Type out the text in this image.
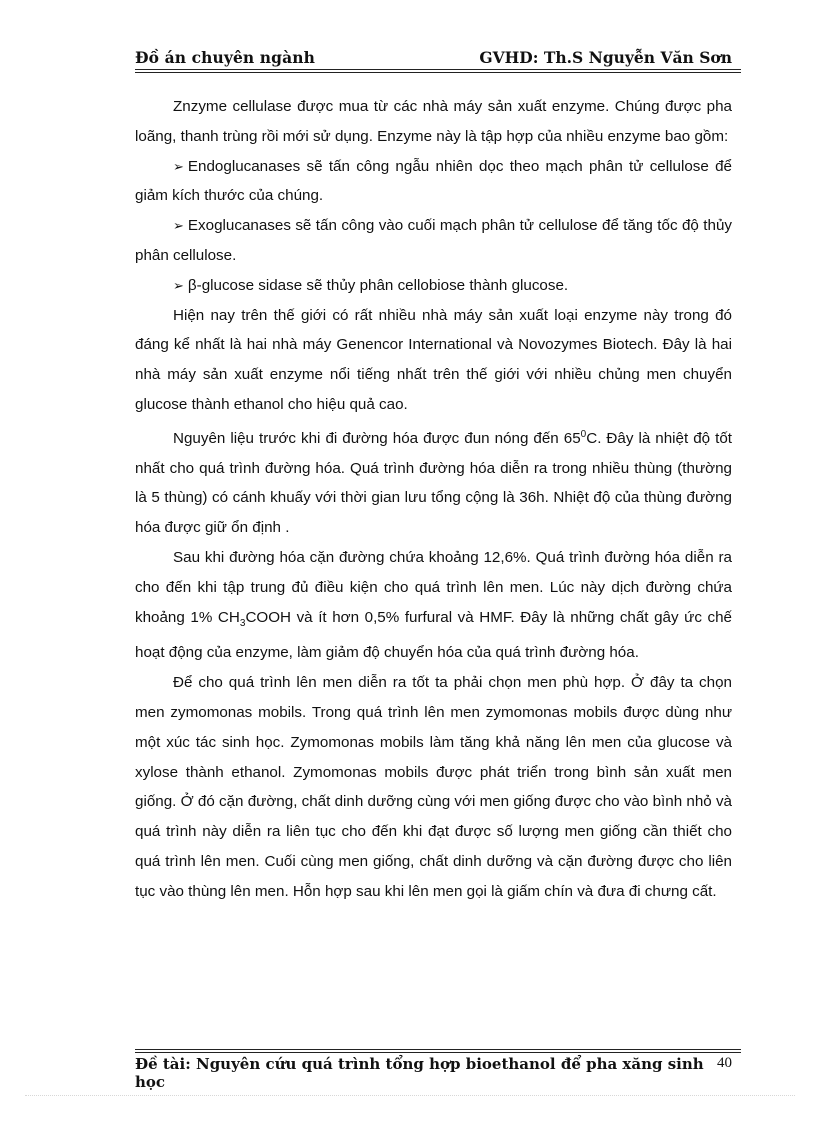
Đồ án chuyên ngành	GVHD: Th.S Nguyễn Văn Sơn

Znzyme cellulase được mua từ các nhà máy sản xuất enzyme. Chúng được pha loãng, thanh trùng rồi mới sử dụng. Enzyme này là tập hợp của nhiều enzyme bao gồm:

➢ Endoglucanases sẽ tấn công ngẫu nhiên dọc theo mạch phân tử cellulose để giảm kích thước của chúng.

➢ Exoglucanases sẽ tấn công vào cuối mạch phân tử cellulose để tăng tốc độ thủy phân cellulose.

➢ β-glucose sidase sẽ thủy phân cellobiose thành glucose.

Hiện nay trên thế giới có rất nhiều nhà máy sản xuất loại enzyme này trong đó đáng kể nhất là hai nhà máy Genencor International và Novozymes Biotech. Đây là hai nhà máy sản xuất enzyme nổi tiếng nhất trên thế giới với nhiều chủng men chuyển glucose thành ethanol cho hiệu quả cao.

Nguyên liệu trước khi đi đường hóa được đun nóng đến $65^0C$. Đây là nhiệt độ tốt nhất cho quá trình đường hóa. Quá trình đường hóa diễn ra trong nhiều thùng (thường là 5 thùng) có cánh khuấy với thời gian lưu tổng cộng là 36h. Nhiệt độ của thùng đường hóa được giữ ổn định .

Sau khi đường hóa cặn đường chứa khoảng 12,6%. Quá trình đường hóa diễn ra cho đến khi tập trung đủ điều kiện cho quá trình lên men. Lúc này dịch đường chứa khoảng 1% $CH_3COOH$ và ít hơn 0,5% furfural và HMF. Đây là những chất gây ức chế hoạt động của enzyme, làm giảm độ chuyển hóa của quá trình đường hóa.

Để cho quá trình lên men diễn ra tốt ta phải chọn men phù hợp. Ở đây ta chọn men zymomonas mobils. Trong quá trình lên men zymomonas mobils được dùng như một xúc tác sinh học. Zymomonas mobils làm tăng khả năng lên men của glucose và xylose thành ethanol. Zymomonas mobils được phát triển trong bình sản xuất men giống. Ở đó cặn đường, chất dinh dưỡng cùng với men giống được cho vào bình nhỏ và quá trình này diễn ra liên tục cho đến khi đạt được số lượng men giống cần thiết cho quá trình lên men. Cuối cùng men giống, chất dinh dưỡng và cặn đường được cho liên tục vào thùng lên men. Hỗn hợp sau khi lên men gọi là giấm chín và đưa đi chưng cất.

Đề tài: Nguyên cứu quá trình tổng hợp bioethanol để pha xăng sinh học
40
